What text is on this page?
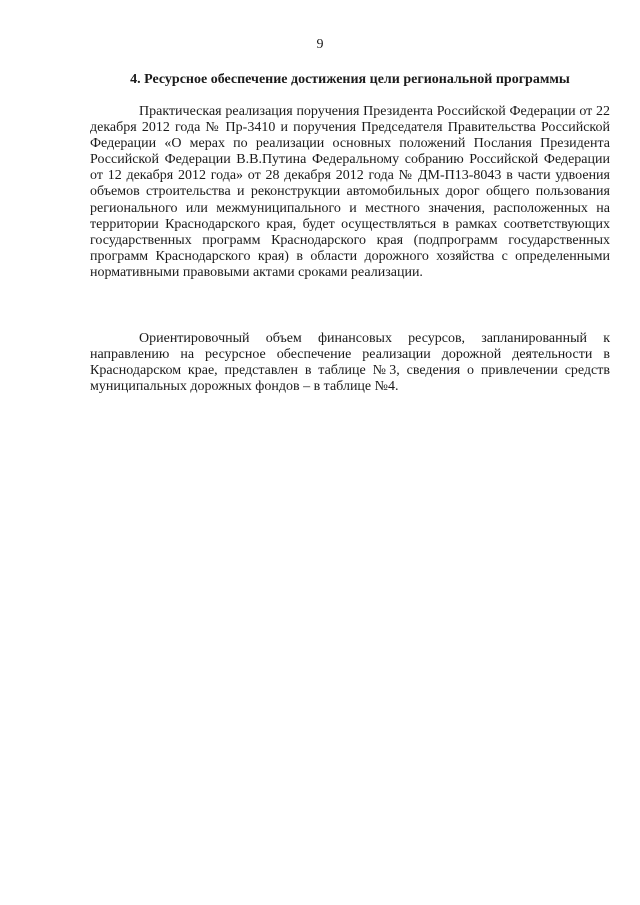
9
4. Ресурсное обеспечение достижения цели региональной программы

Практическая реализация поручения Президента Российской Федерации от 22 декабря 2012 года № Пр-3410 и поручения Председателя Правительства Российской Федерации «О мерах по реализации основных положений Послания Президента Российской Федерации В.В.Путина Федеральному собранию Российской Федерации от 12 декабря 2012 года» от 28 декабря 2012 года № ДМ-П13-8043 в части удвоения объемов строительства и реконструкции автомобильных дорог общего пользования регионального или межмуниципального и местного значения, расположенных на территории Краснодарского края, будет осуществляться в рамках соответствующих государственных программ Краснодарского края (подпрограмм государственных программ Краснодарского края) в области дорожного хозяйства с определенными нормативными правовыми актами сроками реализации.

Ориентировочный объем финансовых ресурсов, запланированный к направлению на ресурсное обеспечение реализации дорожной деятельности в Краснодарском крае, представлен в таблице №3, сведения о привлечении средств муниципальных дорожных фондов – в таблице №4.
